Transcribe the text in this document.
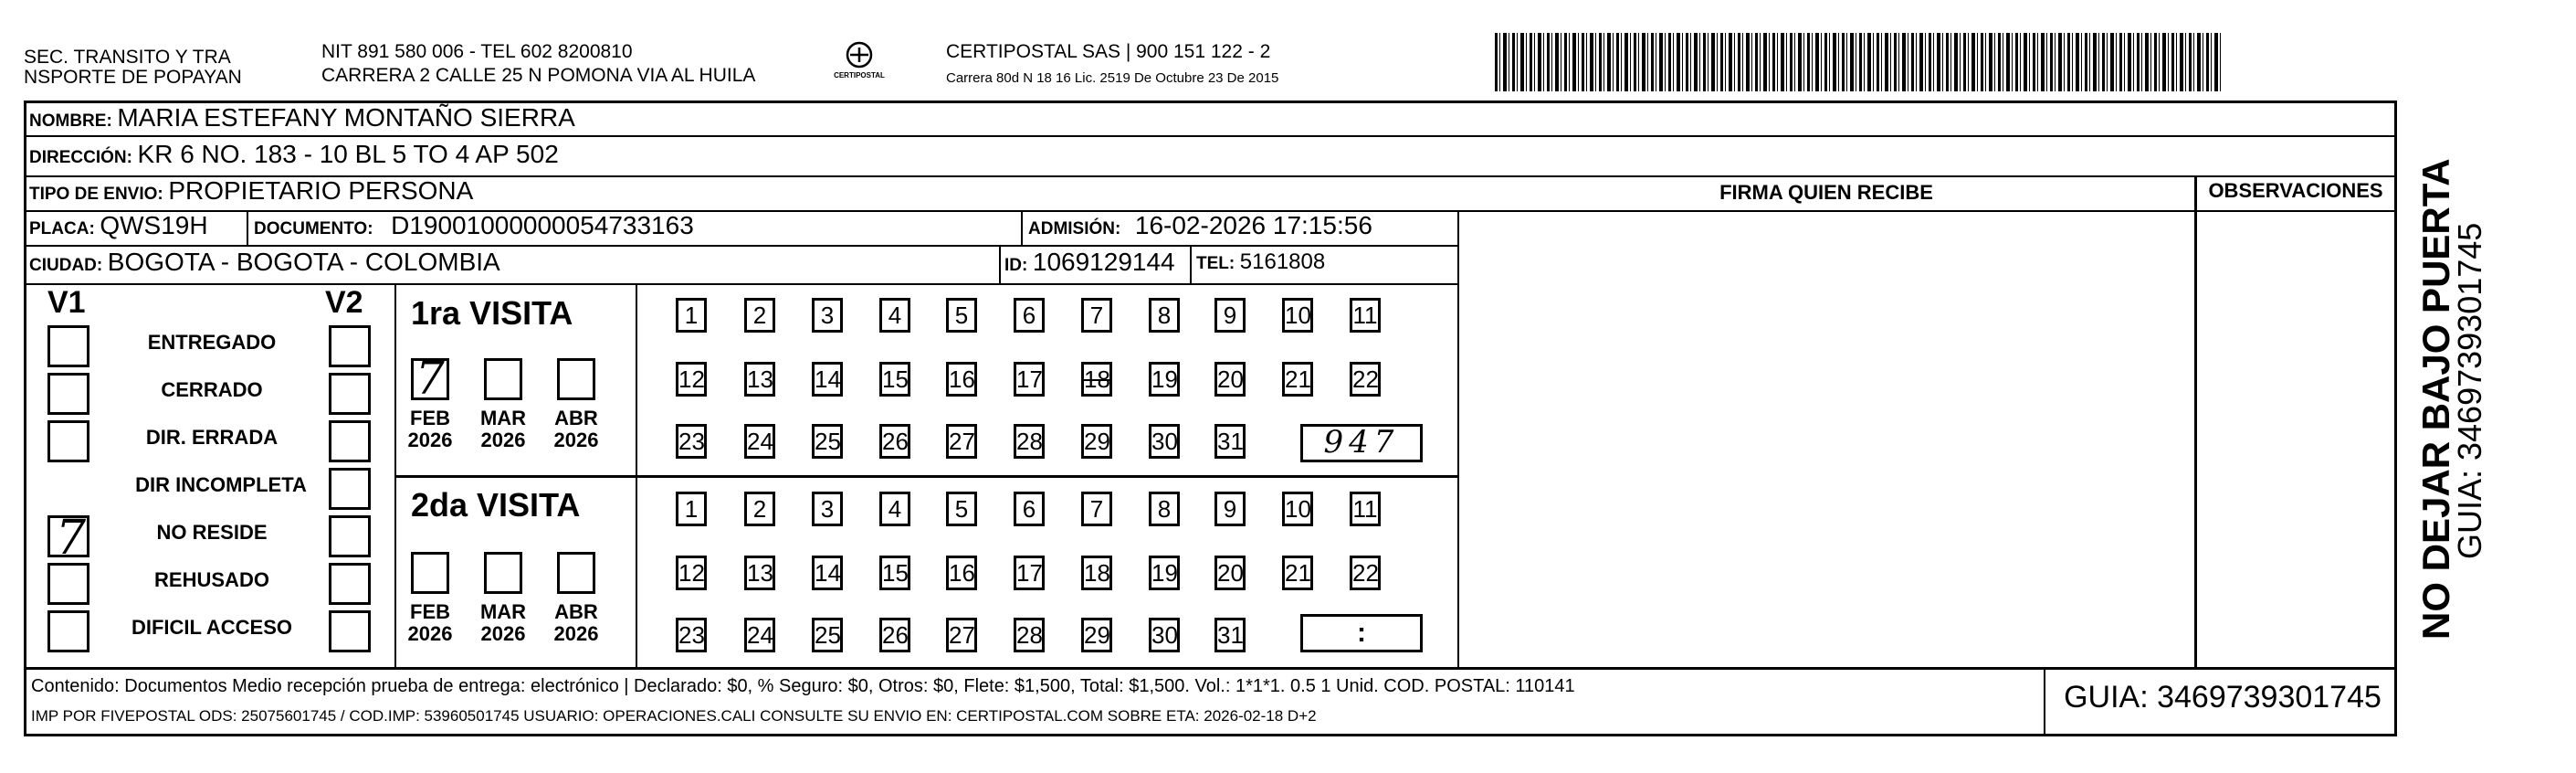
SEC. TRANSITO Y TRA
NSPORTE DE POPAYAN
NIT 891 580 006 - TEL 602 8200810
CARRERA 2 CALLE 25 N POMONA VIA AL HUILA	CERTIPOSTAL
CERTIPOSTAL SAS | 900 151 122 - 2
Carrera 80d N 18 16 Lic. 2519 De Octubre 23 De 2015
NOMBRE: MARIA ESTEFANY MONTAÑO SIERRA
DIRECCIÓN: KR 6 NO. 183 - 10 BL 5 TO 4 AP 502
TIPO DE ENVIO: PROPIETARIO PERSONA
PLACA: QWS19H	DOCUMENTO: D19001000000054733163	ADMISIÓN: 16-02-2026 17:15:56
CIUDAD: BOGOTA - BOGOTA - COLOMBIA	ID: 1069129144 TEL: 5161808
FIRMA QUIEN RECIBE	OBSERVACIONES
V1	V2
ENTREGADO
CERRADO
DIR. ERRADA
DIR INCOMPLETA
7	NO RESIDE
REHUSADO
DIFICIL ACCESO
1ra VISITA
7
FEB
2026
MAR
2026
ABR
2026
1	2	3	4	5	6	7	8	9	10 11
12 13 14 15 16 17 18 19 20 21 22
23 24 25 26 27 28 29 30 31	947
2da VISITA
FEB
2026
MAR
2026
ABR
2026
1	2	3	4	5	6	7	8	9	10 11
12 13 14 15 16 17 18 19 20 21 22
23 24 25 26 27 28 29 30 31	:	NO DEJAR BAJO PUERTA
GUIA: 3469739301745
Contenido: Documentos Medio recepción prueba de entrega: electrónico | Declarado: $0, % Seguro: $0, Otros: $0, Flete: $1,500, Total: $1,500. Vol.: 1*1*1. 0.5 1 Unid. COD. POSTAL: 110141
IMP POR FIVEPOSTAL ODS: 25075601745 / COD.IMP: 53960501745 USUARIO: OPERACIONES.CALI CONSULTE SU ENVIO EN: CERTIPOSTAL.COM SOBRE ETA: 2026-02-18 D+2
GUIA: 3469739301745
